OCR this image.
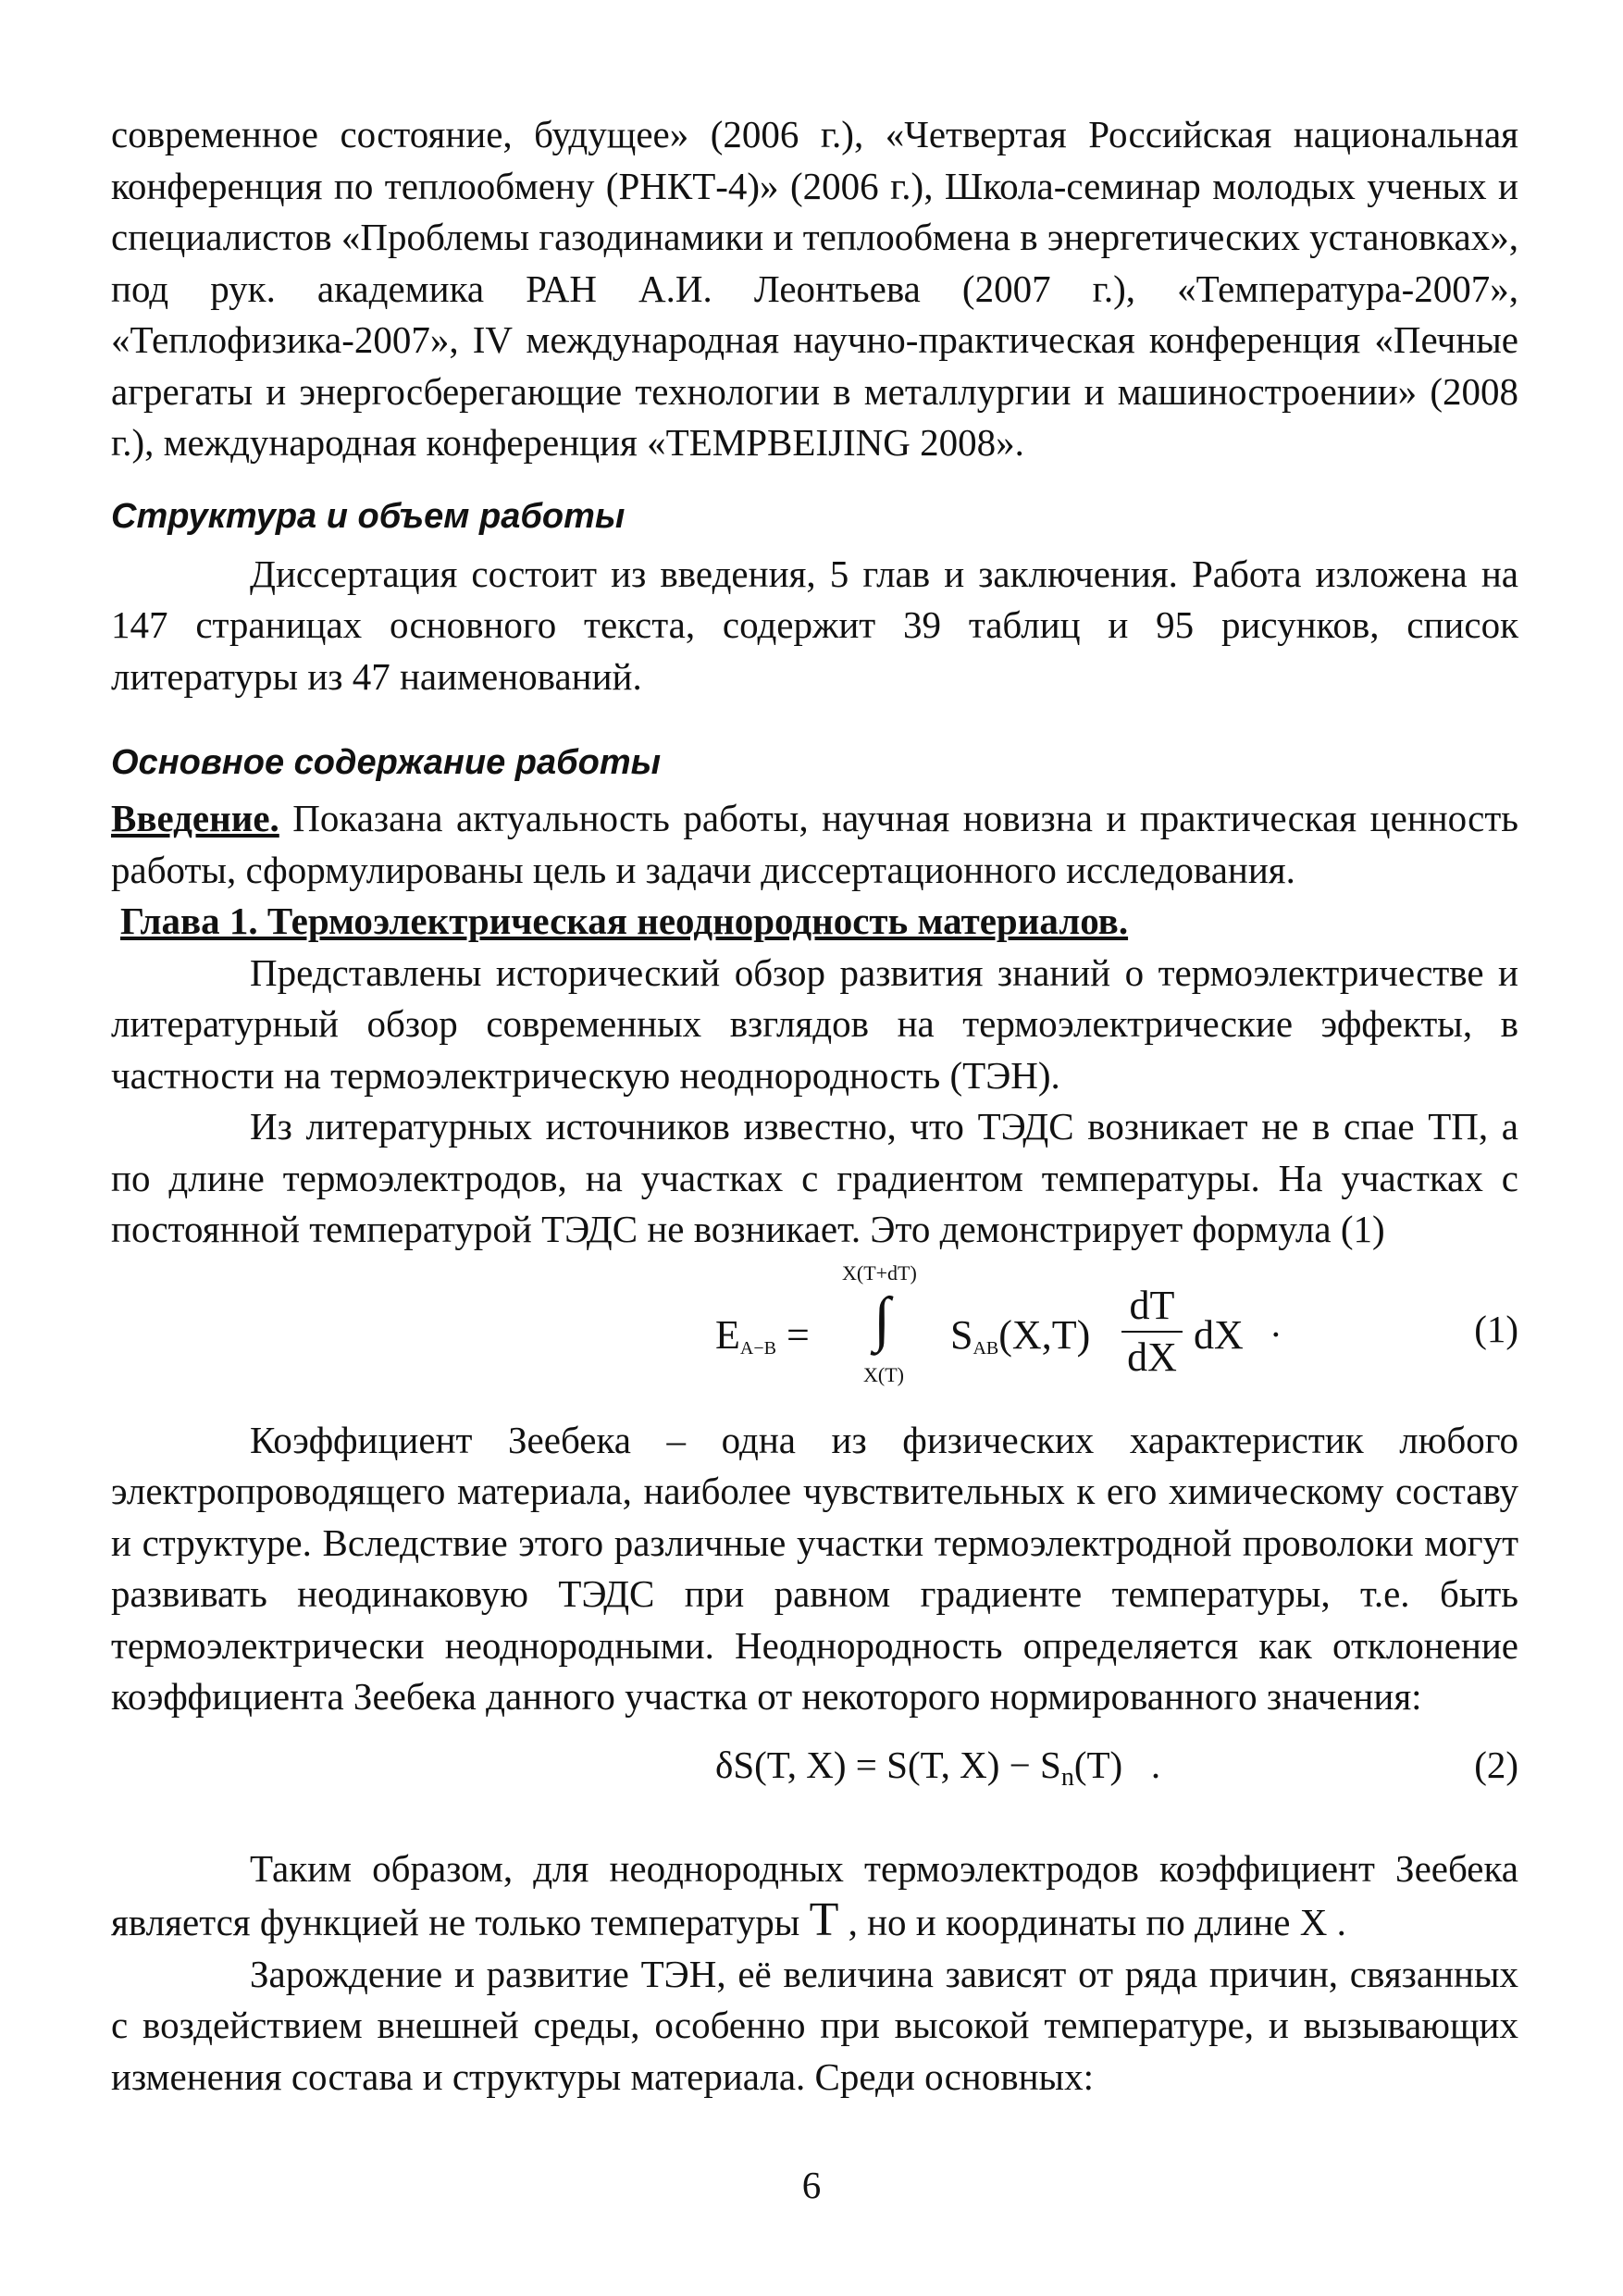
современное состояние, будущее» (2006 г.), «Четвертая Российская национальная конференция по теплообмену (РНКТ-4)» (2006 г.), Школа-семинар молодых ученых и специалистов «Проблемы газодинамики и теплообмена в энергетических установках», под рук. академика РАН А.И. Леонтьева (2007 г.), «Температура-2007», «Теплофизика-2007», IV международная научно-практическая конференция «Печные агрегаты и энергосберегающие технологии в металлургии и машиностроении» (2008 г.), международная конференция «TEMPBEIJING 2008».

Структура и объем работы

Диссертация состоит из введения, 5 глав и заключения. Работа изложена на 147 страницах основного текста, содержит 39 таблиц и 95 рисунков, список литературы из 47 наименований.

Основное содержание работы

Введение. Показана актуальность работы, научная новизна и практическая ценность работы, сформулированы цель и задачи диссертационного исследования.

Глава 1. Термоэлектрическая неоднородность материалов.

Представлены исторический обзор развития знаний о термоэлектричестве и литературный обзор современных взглядов на термоэлектрические эффекты, в частности на термоэлектрическую неоднородность (ТЭН).

Из литературных источников известно, что ТЭДС возникает не в спае ТП, а по длине термоэлектродов, на участках с градиентом температуры. На участках с постоянной температурой ТЭДС не возникает. Это демонстрирует формула (1)

$E_{A-B}$ =
X(T+dT)
∫
X(T)
$S_{AB}(X,T)$
dT
dX dX ·	(1)

Коэффициент Зеебека – одна из физических характеристик любого электропроводящего материала, наиболее чувствительных к его химическому составу и структуре. Вследствие этого различные участки термоэлектродной проволоки могут развивать неодинаковую ТЭДС при равном градиенте температуры, т.е. быть термоэлектрически неоднородными. Неоднородность определяется как отклонение коэффициента Зеебека данного участка от некоторого нормированного значения:

δS(T, X) = S(T, $X) - S_n(T)$ .	(2)

Таким образом, для неоднородных термоэлектродов коэффициент Зеебека является функцией не только температуры T , но и координаты по длине X .

Зарождение и развитие ТЭН, её величина зависят от ряда причин, связанных с воздействием внешней среды, особенно при высокой температуре, и вызывающих изменения состава и структуры материала. Среди основных:

6
